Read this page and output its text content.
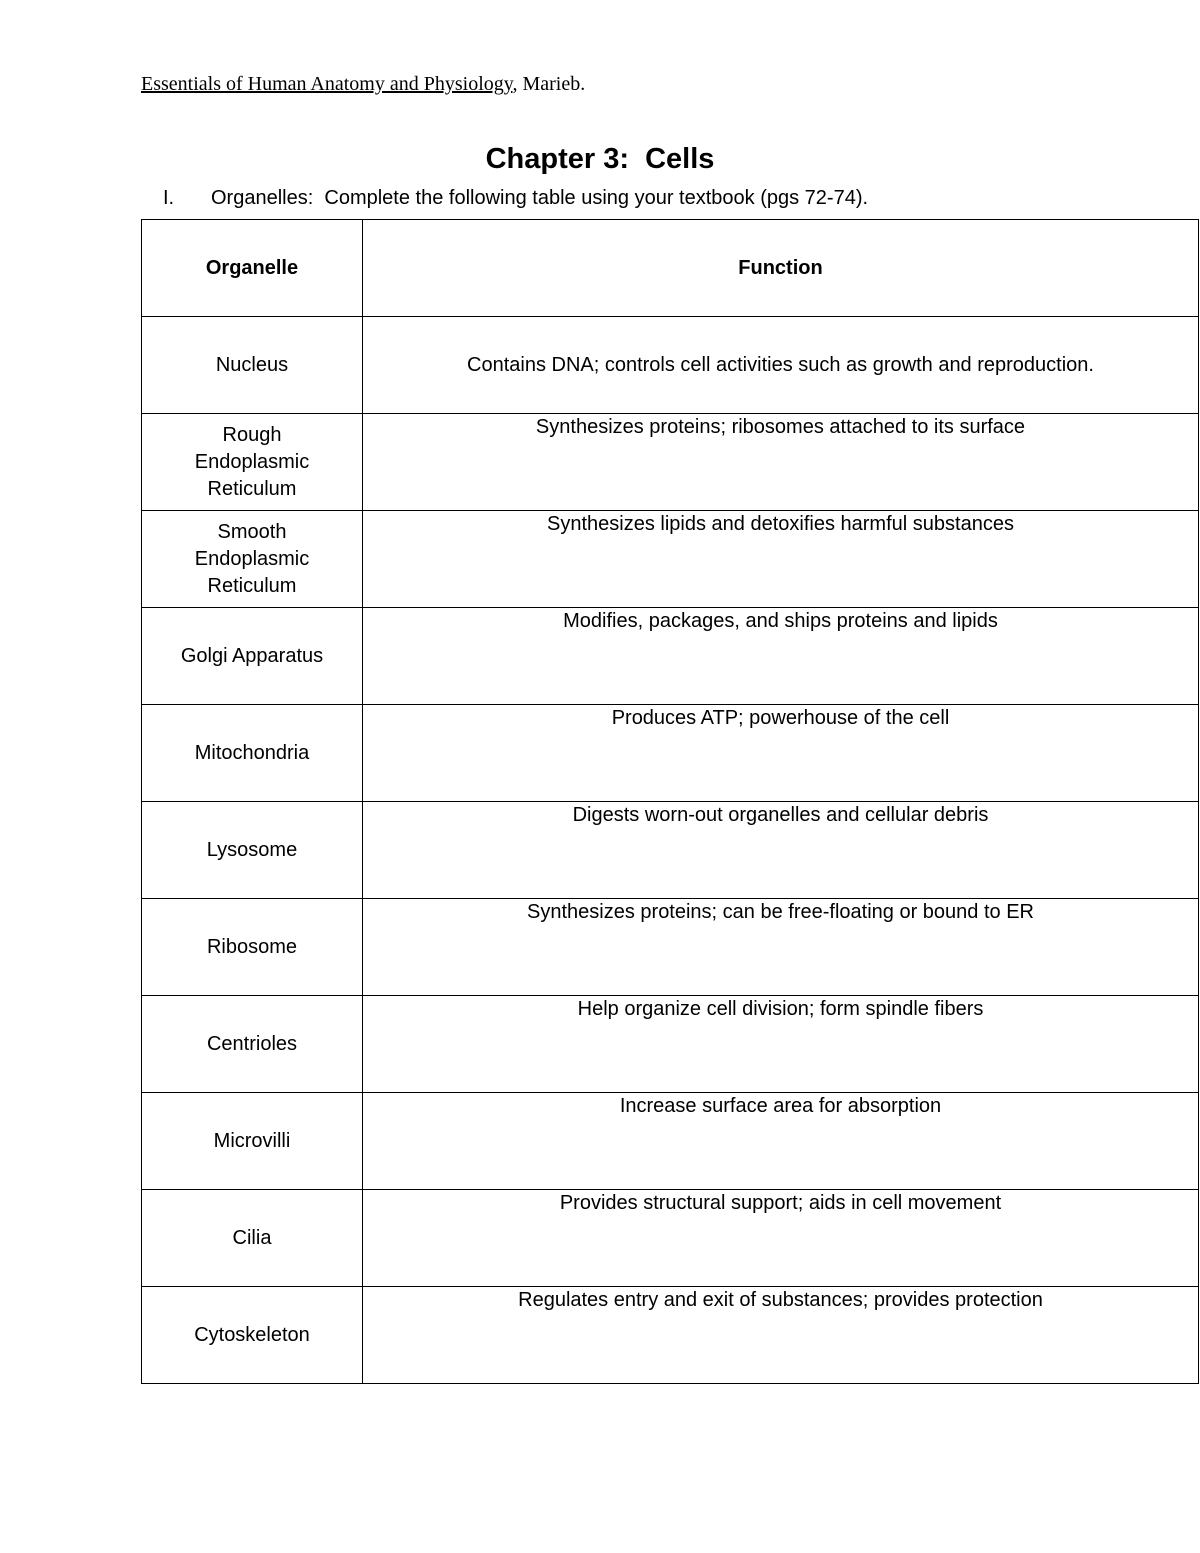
Essentials of Human Anatomy and Physiology, Marieb.
Chapter 3:  Cells
I. Organelles:  Complete the following table using your textbook (pgs 72-74).
Organelle	Function
Nucleus	Contains DNA; controls cell activities such as growth and reproduction.
Rough Endoplasmic Reticulum	Synthesizes proteins; ribosomes attached to its surface
Smooth Endoplasmic Reticulum	Synthesizes lipids and detoxifies harmful substances
Golgi Apparatus	Modifies, packages, and ships proteins and lipids
Mitochondria	Produces ATP; powerhouse of the cell
Lysosome	Digests worn-out organelles and cellular debris
Ribosome	Synthesizes proteins; can be free-floating or bound to ER
Centrioles	Help organize cell division; form spindle fibers
Microvilli	Increase surface area for absorption
Cilia	Provides structural support; aids in cell movement
Cytoskeleton	Regulates entry and exit of substances; provides protection
